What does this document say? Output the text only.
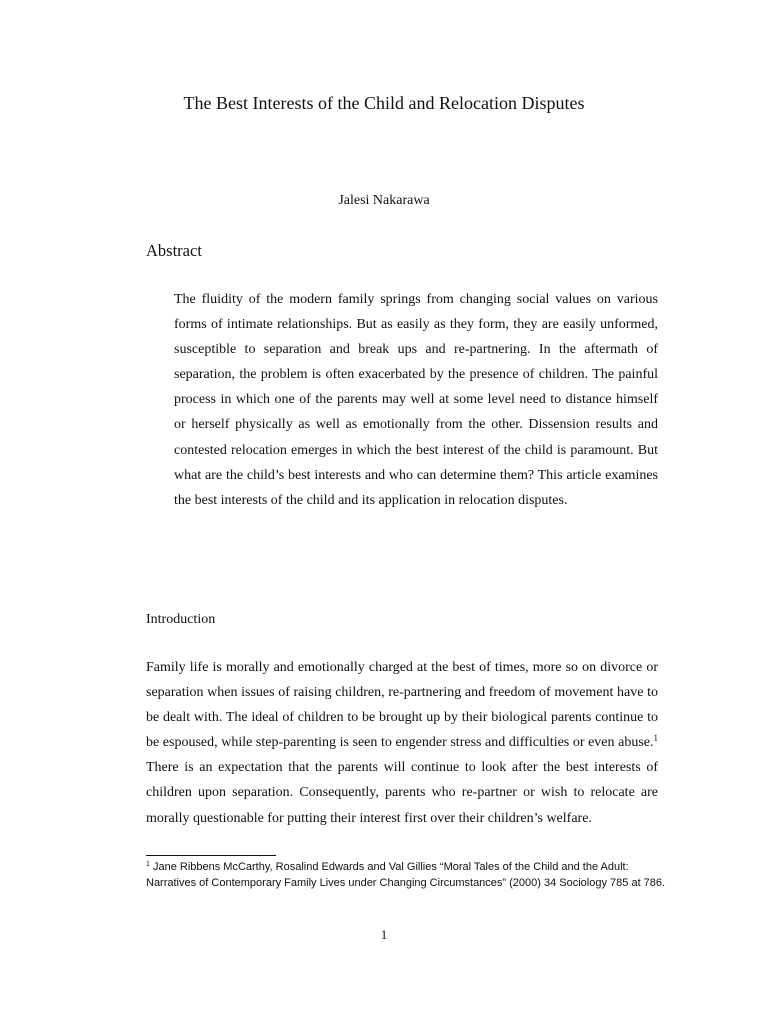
The Best Interests of the Child and Relocation Disputes
Jalesi Nakarawa
Abstract

The fluidity of the modern family springs from changing social values on various forms of intimate relationships. But as easily as they form, they are easily unformed, susceptible to separation and break ups and re-partnering. In the aftermath of separation, the problem is often exacerbated by the presence of children. The painful process in which one of the parents may well at some level need to distance himself or herself physically as well as emotionally from the other. Dissension results and contested relocation emerges in which the best interest of the child is paramount. But what are the child’s best interests and who can determine them? This article examines the best interests of the child and its application in relocation disputes.

Introduction

Family life is morally and emotionally charged at the best of times, more so on divorce or separation when issues of raising children, re-partnering and freedom of movement have to be dealt with. The ideal of children to be brought up by their biological parents continue to be espoused, while step-parenting is seen to engender stress and difficulties or even abuse.$^1$ There is an expectation that the parents will continue to look after the best interests of children upon separation. Consequently, parents who re-partner or wish to relocate are morally questionable for putting their interest first over their children’s welfare.

$^1$ Jane Ribbens McCarthy, Rosalind Edwards and Val Gillies “Moral Tales of the Child and the Adult: Narratives of Contemporary Family Lives under Changing Circumstances” (2000) 34 Sociology 785 at 786.

1
